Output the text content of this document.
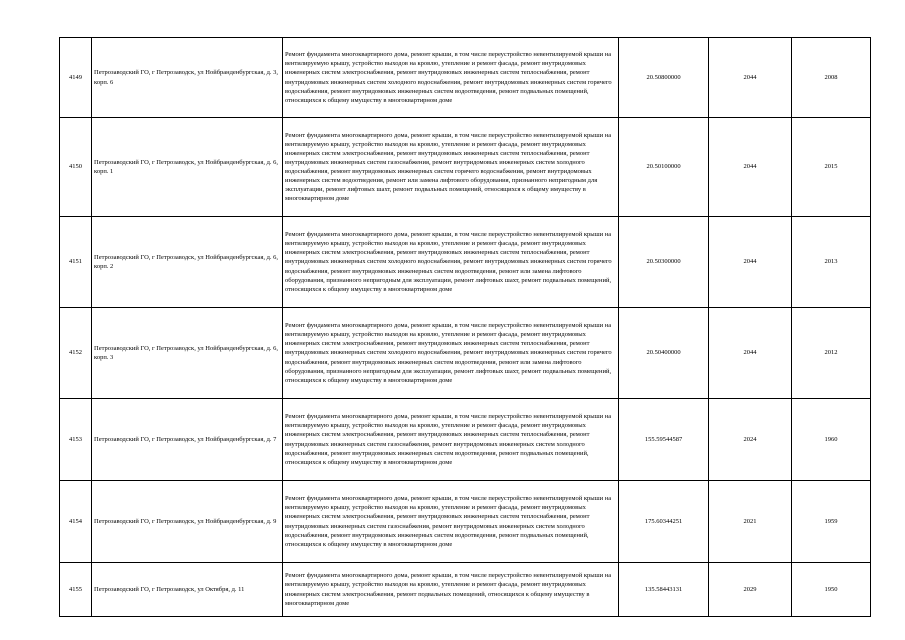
4149	Петрозаводский ГО, г Петрозаводск, ул Нойбранденбургская, д. 3, корп. 6	Ремонт фундамента многоквартирного дома, ремонт крыши, в том числе переустройство невентилируемой крыши на вентилируемую крышу, устройство выходов на кровлю, утепление и ремонт фасада, ремонт внутридомовых инженерных систем электроснабжения, ремонт внутридомовых инженерных систем теплоснабжения, ремонт внутридомовых инженерных систем холодного водоснабжения, ремонт внутридомовых инженерных систем горячего водоснабжения, ремонт внутридомовых инженерных систем водоотведения, ремонт подвальных помещений, относящихся к общему имуществу в многоквартирном доме	20.50800000	2044	2008
4150	Петрозаводский ГО, г Петрозаводск, ул Нойбранденбургская, д. 6, корп. 1	Ремонт фундамента многоквартирного дома, ремонт крыши, в том числе переустройство невентилируемой крыши на вентилируемую крышу, устройство выходов на кровлю, утепление и ремонт фасада, ремонт внутридомовых инженерных систем электроснабжения, ремонт внутридомовых инженерных систем теплоснабжения, ремонт внутридомовых инженерных систем газоснабжения, ремонт внутридомовых инженерных систем холодного водоснабжения, ремонт внутридомовых инженерных систем горячего водоснабжения, ремонт внутридомовых инженерных систем водоотведения, ремонт или замена лифтового оборудования, признанного непригодным для эксплуатации, ремонт лифтовых шахт, ремонт подвальных помещений, относящихся к общему имуществу в многоквартирном доме	20.50100000	2044	2015
4151	Петрозаводский ГО, г Петрозаводск, ул Нойбранденбургская, д. 6, корп. 2	Ремонт фундамента многоквартирного дома, ремонт крыши, в том числе переустройство невентилируемой крыши на вентилируемую крышу, устройство выходов на кровлю, утепление и ремонт фасада, ремонт внутридомовых инженерных систем электроснабжения, ремонт внутридомовых инженерных систем теплоснабжения, ремонт внутридомовых инженерных систем холодного водоснабжения, ремонт внутридомовых инженерных систем горячего водоснабжения, ремонт внутридомовых инженерных систем водоотведения, ремонт или замена лифтового оборудования, признанного непригодным для эксплуатации, ремонт лифтовых шахт, ремонт подвальных помещений, относящихся к общему имуществу в многоквартирном доме	20.50300000	2044	2013
4152	Петрозаводский ГО, г Петрозаводск, ул Нойбранденбургская, д. 6, корп. 3	Ремонт фундамента многоквартирного дома, ремонт крыши, в том числе переустройство невентилируемой крыши на вентилируемую крышу, устройство выходов на кровлю, утепление и ремонт фасада, ремонт внутридомовых инженерных систем электроснабжения, ремонт внутридомовых инженерных систем теплоснабжения, ремонт внутридомовых инженерных систем холодного водоснабжения, ремонт внутридомовых инженерных систем горячего водоснабжения, ремонт внутридомовых инженерных систем водоотведения, ремонт или замена лифтового оборудования, признанного непригодным для эксплуатации, ремонт лифтовых шахт, ремонт подвальных помещений, относящихся к общему имуществу в многоквартирном доме	20.50400000	2044	2012
4153	Петрозаводский ГО, г Петрозаводск, ул Нойбранденбургская, д. 7	Ремонт фундамента многоквартирного дома, ремонт крыши, в том числе переустройство невентилируемой крыши на вентилируемую крышу, устройство выходов на кровлю, утепление и ремонт фасада, ремонт внутридомовых инженерных систем электроснабжения, ремонт внутридомовых инженерных систем теплоснабжения, ремонт внутридомовых инженерных систем газоснабжения, ремонт внутридомовых инженерных систем холодного водоснабжения, ремонт внутридомовых инженерных систем водоотведения, ремонт подвальных помещений, относящихся к общему имуществу в многоквартирном доме	155.59544587	2024	1960
4154	Петрозаводский ГО, г Петрозаводск, ул Нойбранденбургская, д. 9	Ремонт фундамента многоквартирного дома, ремонт крыши, в том числе переустройство невентилируемой крыши на вентилируемую крышу, устройство выходов на кровлю, утепление и ремонт фасада, ремонт внутридомовых инженерных систем электроснабжения, ремонт внутридомовых инженерных систем теплоснабжения, ремонт внутридомовых инженерных систем газоснабжения, ремонт внутридомовых инженерных систем холодного водоснабжения, ремонт внутридомовых инженерных систем водоотведения, ремонт подвальных помещений, относящихся к общему имуществу в многоквартирном доме	175.60344251	2021	1959
4155	Петрозаводский ГО, г Петрозаводск, ул Октября, д. 11	Ремонт фундамента многоквартирного дома, ремонт крыши, в том числе переустройство невентилируемой крыши на вентилируемую крышу, устройство выходов на кровлю, утепление и ремонт фасада, ремонт внутридомовых инженерных систем электроснабжения, ремонт подвальных помещений, относящихся к общему имуществу в многоквартирном доме	135.58443131	2029	1950
